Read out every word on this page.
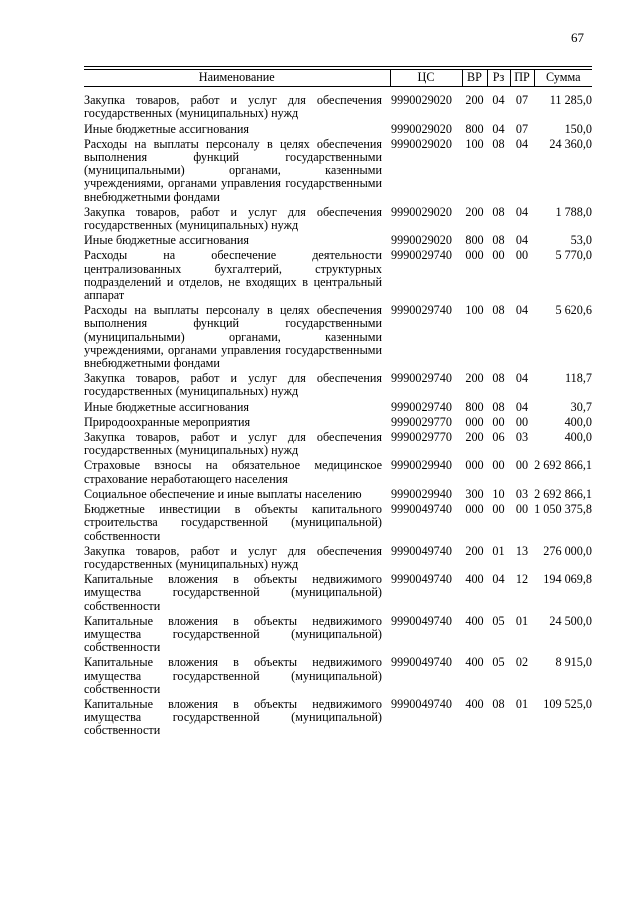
67
Наименование	ЦС	ВР	Рз	ПР	Сумма
Закупка товаров, работ и услуг для обеспечения государственных (муниципальных) нужд	9990029020	200	04	07	11 285,0
Иные бюджетные ассигнования	9990029020	800	04	07	150,0
Расходы на выплаты персоналу в целях обеспечения выполнения функций государственными (муниципальными) органами, казенными учреждениями, органами управления государственными внебюджетными фондами	9990029020	100	08	04	24 360,0
Закупка товаров, работ и услуг для обеспечения государственных (муниципальных) нужд	9990029020	200	08	04	1 788,0
Иные бюджетные ассигнования	9990029020	800	08	04	53,0
Расходы на обеспечение деятельности централизованных бухгалтерий, структурных подразделений и отделов, не входящих в центральный аппарат	9990029740	000	00	00	5 770,0
Расходы на выплаты персоналу в целях обеспечения выполнения функций государственными (муниципальными) органами, казенными учреждениями, органами управления государственными внебюджетными фондами	9990029740	100	08	04	5 620,6
Закупка товаров, работ и услуг для обеспечения государственных (муниципальных) нужд	9990029740	200	08	04	118,7
Иные бюджетные ассигнования	9990029740	800	08	04	30,7
Природоохранные мероприятия	9990029770	000	00	00	400,0
Закупка товаров, работ и услуг для обеспечения государственных (муниципальных) нужд	9990029770	200	06	03	400,0
Страховые взносы на обязательное медицинское страхование неработающего населения	9990029940	000	00	00	2 692 866,1
Социальное обеспечение и иные выплаты населению	9990029940	300	10	03	2 692 866,1
Бюджетные инвестиции в объекты капитального строительства государственной (муниципальной) собственности	9990049740	000	00	00	1 050 375,8
Закупка товаров, работ и услуг для обеспечения государственных (муниципальных) нужд	9990049740	200	01	13	276 000,0
Капитальные вложения в объекты недвижимого имущества государственной (муниципальной) собственности	9990049740	400	04	12	194 069,8
Капитальные вложения в объекты недвижимого имущества государственной (муниципальной) собственности	9990049740	400	05	01	24 500,0
Капитальные вложения в объекты недвижимого имущества государственной (муниципальной) собственности	9990049740	400	05	02	8 915,0
Капитальные вложения в объекты недвижимого имущества государственной (муниципальной) собственности	9990049740	400	08	01	109 525,0
